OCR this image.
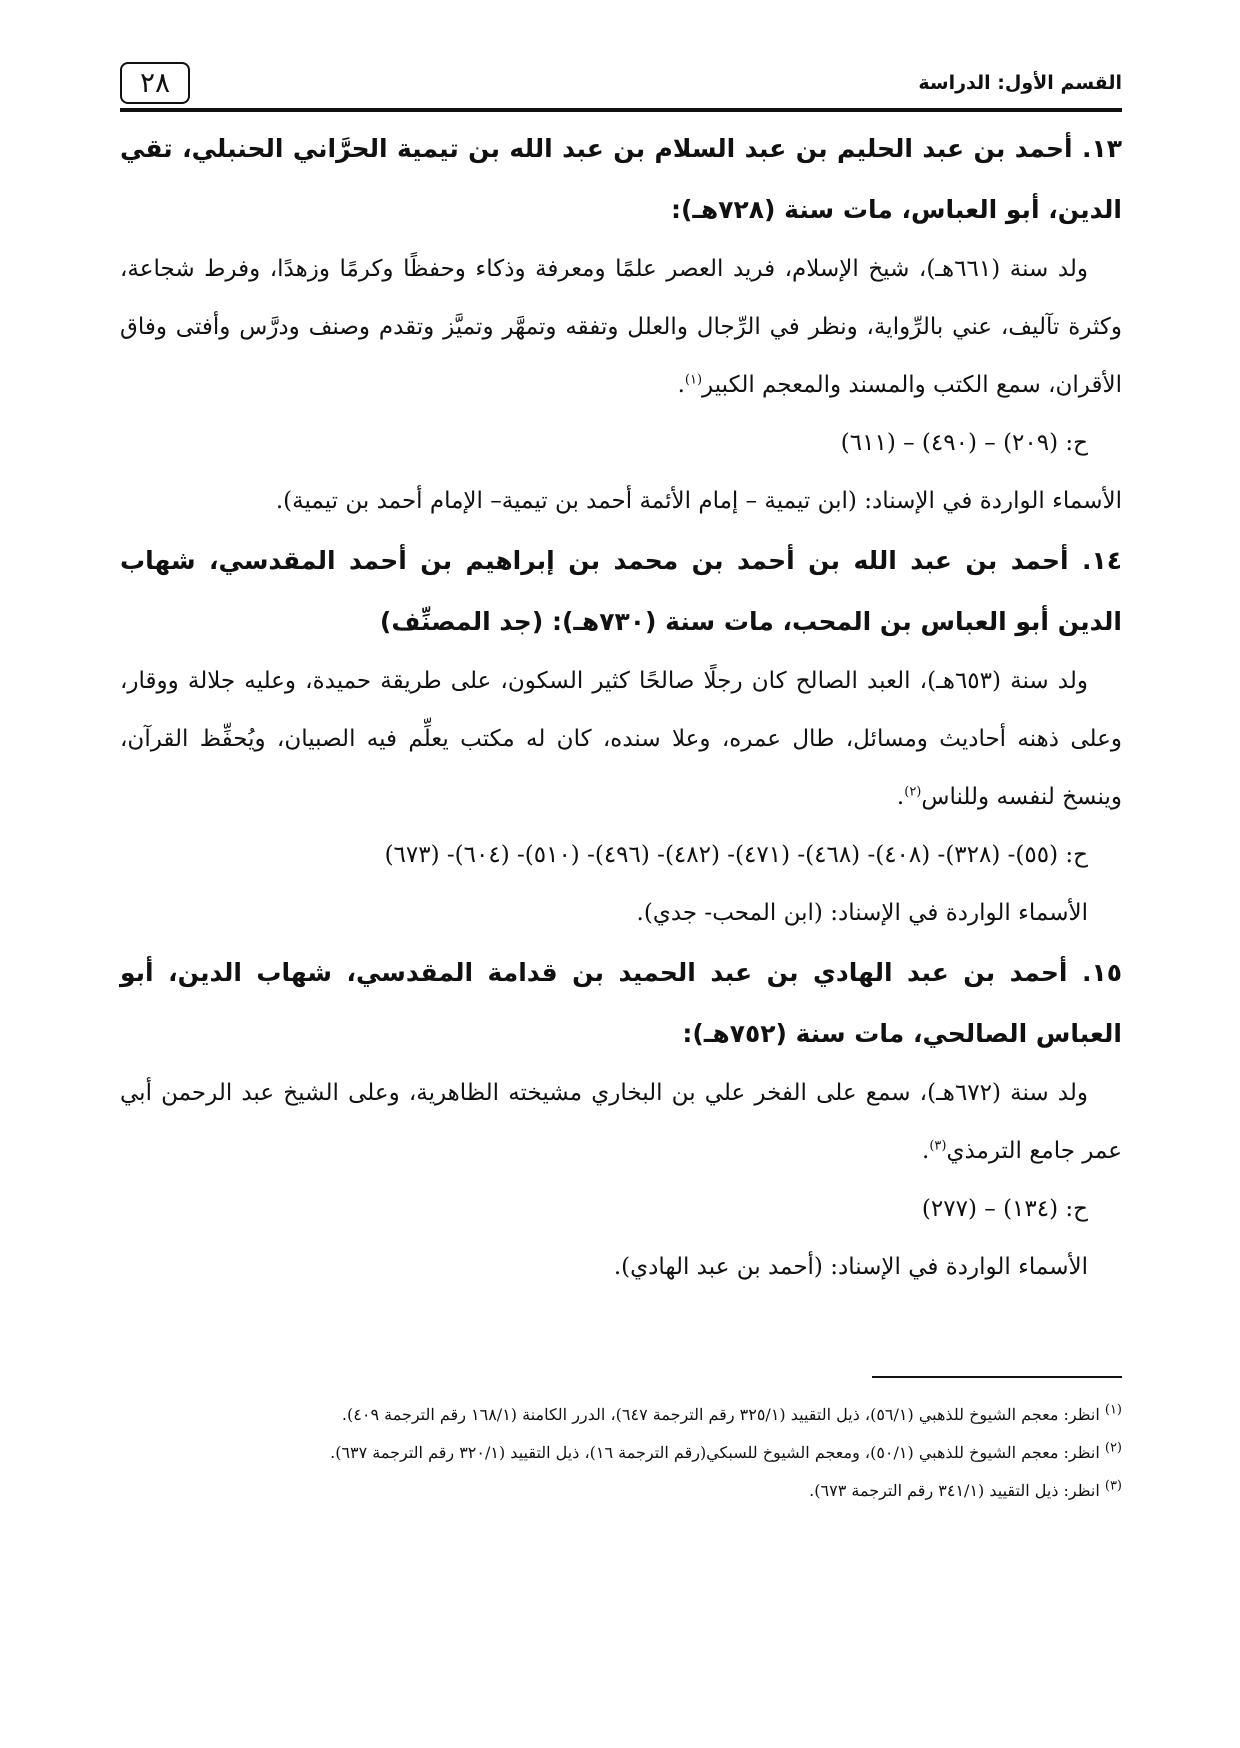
٢٨	القسم الأول: الدراسة

١٣. أحمد بن عبد الحليم بن عبد السلام بن عبد الله بن تيمية الحرَّاني الحنبلي، تقي الدين، أبو العباس، مات سنة (٧٢٨هـ):

ولد سنة (٦٦١هـ)، شيخ الإسلام، فريد العصر علمًا ومعرفة وذكاء وحفظًا وكرمًا وزهدًا، وفرط شجاعة، وكثرة تآليف، عني بالرِّواية، ونظر في الرِّجال والعلل وتفقه وتمهَّر وتميَّز وتقدم وصنف ودرَّس وأفتى وفاق الأقران، سمع الكتب والمسند والمعجم الكبير$^{(١)}$.

ح: (٢٠٩) – (٤٩٠) – (٦١١)

الأسماء الواردة في الإسناد: (ابن تيمية – إمام الأئمة أحمد بن تيمية– الإمام أحمد بن تيمية).

١٤. أحمد بن عبد الله بن أحمد بن محمد بن إبراهيم بن أحمد المقدسي، شهاب الدين أبو العباس بن المحب، مات سنة (٧٣٠هـ): (جد المصنِّف)

ولد سنة (٦٥٣هـ)، العبد الصالح كان رجلًا صالحًا كثير السكون، على طريقة حميدة، وعليه جلالة ووقار، وعلى ذهنه أحاديث ومسائل، طال عمره، وعلا سنده، كان له مكتب يعلِّم فيه الصبيان، ويُحفِّظ القرآن، وينسخ لنفسه وللناس$^{(٢)}$.

ح: (٥٥)- (٣٢٨)- (٤٠٨)- (٤٦٨)- (٤٧١)- (٤٨٢)- (٤٩٦)- (٥١٠)- (٦٠٤)- (٦٧٣)

الأسماء الواردة في الإسناد: (ابن المحب- جدي).

١٥. أحمد بن عبد الهادي بن عبد الحميد بن قدامة المقدسي، شهاب الدين، أبو العباس الصالحي، مات سنة (٧٥٢هـ):

ولد سنة (٦٧٢هـ)، سمع على الفخر علي بن البخاري مشيخته الظاهرية، وعلى الشيخ عبد الرحمن أبي عمر جامع الترمذي$^{(٣)}$.

ح: (١٣٤) – (٢٧٧)

الأسماء الواردة في الإسناد: (أحمد بن عبد الهادي).

$^{(١)}$ انظر: معجم الشيوخ للذهبي (٥٦/١)، ذيل التقييد (٣٢٥/١ رقم الترجمة ٦٤٧)، الدرر الكامنة (١٦٨/١ رقم الترجمة ٤٠٩).

$^{(٢)}$ انظر: معجم الشيوخ للذهبي (٥٠/١)، ومعجم الشيوخ للسبكي(رقم الترجمة ١٦)، ذيل التقييد (٣٢٠/١ رقم الترجمة ٦٣٧).

$^{(٣)}$ انظر: ذيل التقييد (٣٤١/١ رقم الترجمة ٦٧٣).
